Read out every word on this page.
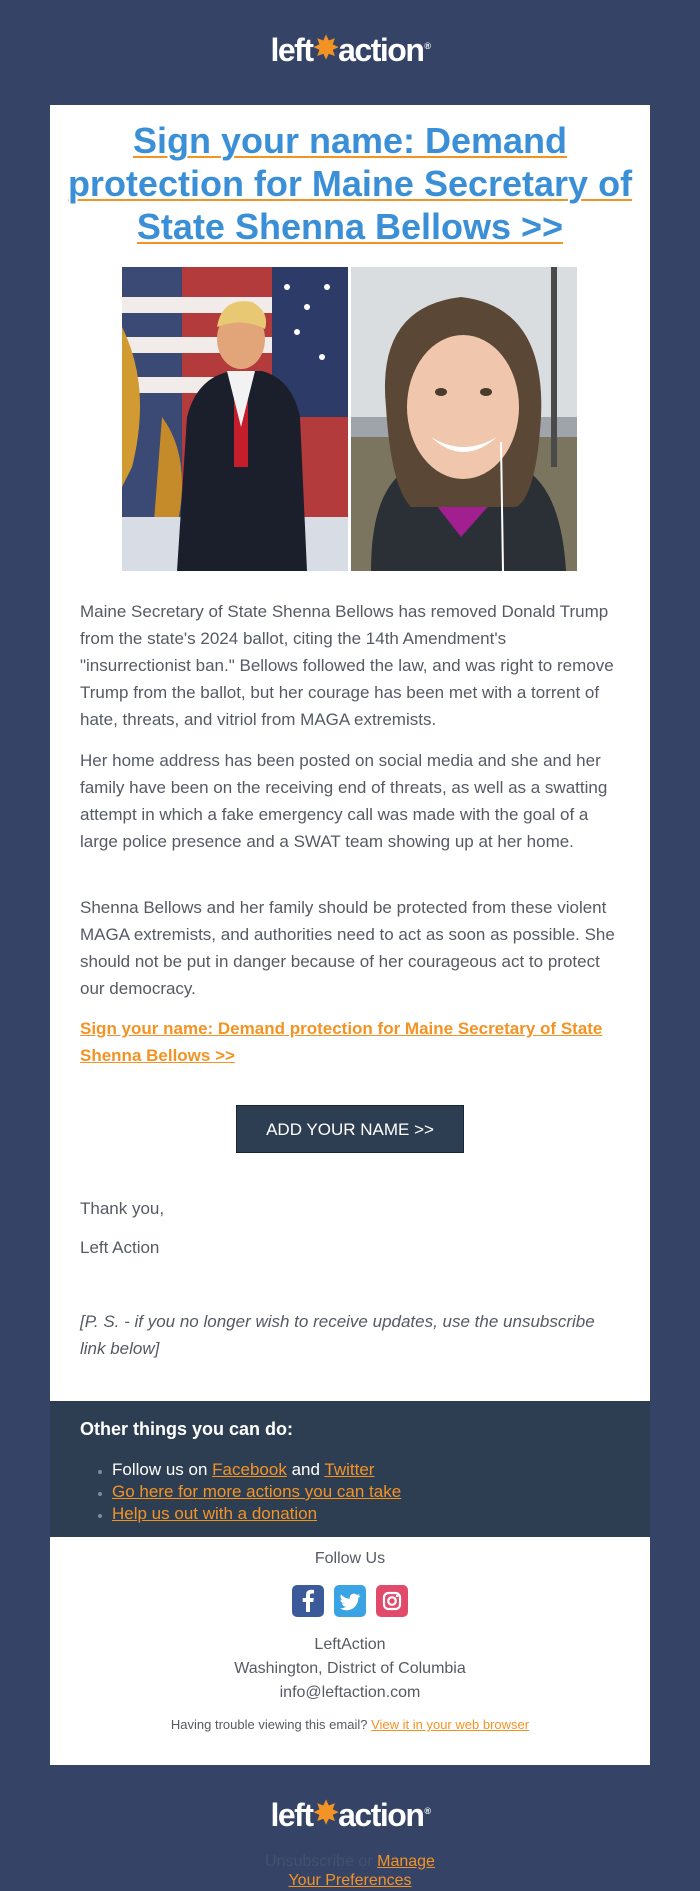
left✸action®
Sign your name: Demand protection for Maine Secretary of State Shenna Bellows >>

Maine Secretary of State Shenna Bellows has removed Donald Trump from the state's 2024 ballot, citing the 14th Amendment's "insurrectionist ban." Bellows followed the law, and was right to remove Trump from the ballot, but her courage has been met with a torrent of hate, threats, and vitriol from MAGA extremists.

Her home address has been posted on social media and she and her family have been on the receiving end of threats, as well as a swatting attempt in which a fake emergency call was made with the goal of a large police presence and a SWAT team showing up at her home.

Shenna Bellows and her family should be protected from these violent MAGA extremists, and authorities need to act as soon as possible. She should not be put in danger because of her courageous act to protect our democracy.

Sign your name: Demand protection for Maine Secretary of State Shenna Bellows >>

ADD YOUR NAME >>

Thank you,

Left Action

[P. S. - if you no longer wish to receive updates, use the unsubscribe link below]

Other things you can do:

• Follow us on Facebook and Twitter
• Go here for more actions you can take
• Help us out with a donation

Follow Us

LeftAction

Washington, District of Columbia

info@leftaction.com

Having trouble viewing this email? View it in your web browser

left✸action®
Unsubscribe or Manage
Your Preferences
